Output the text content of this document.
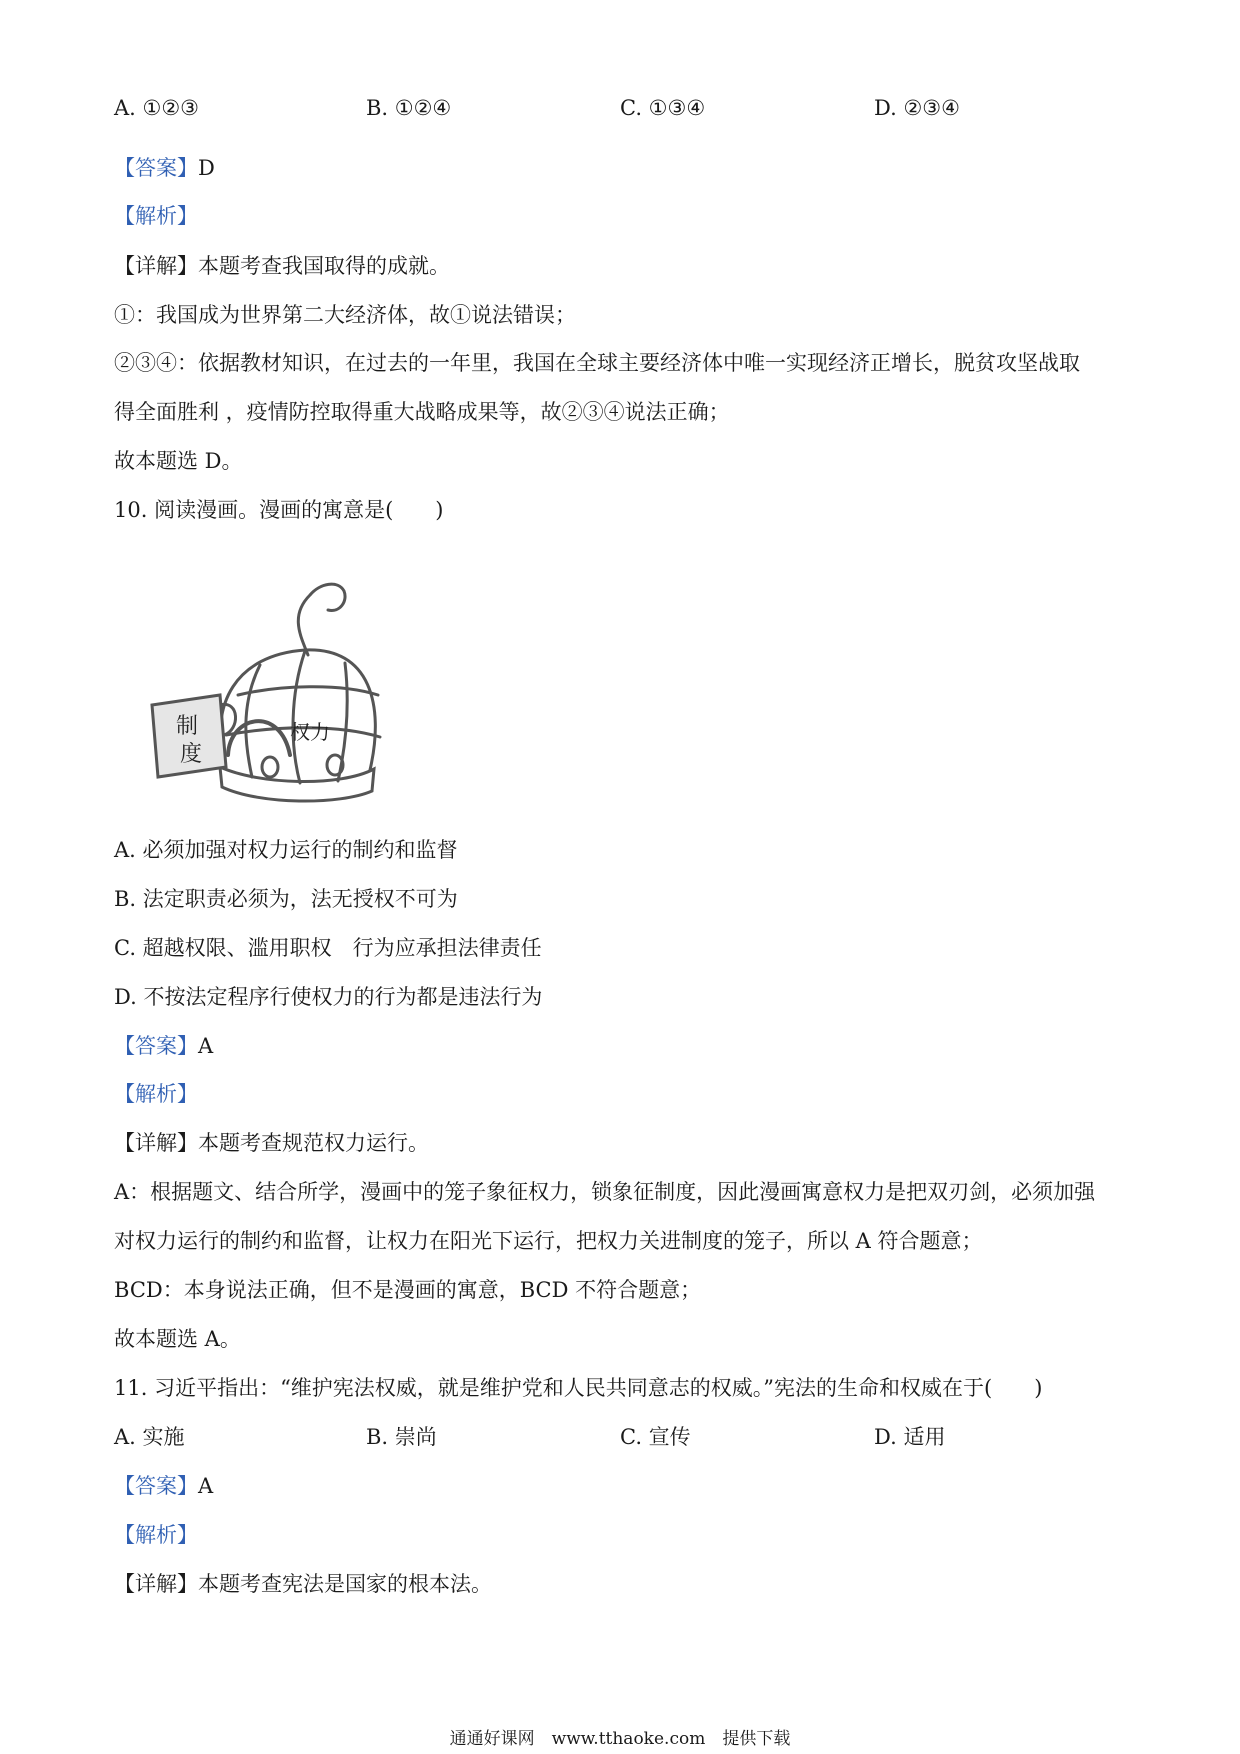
A. ①②③	B. ①②④	C. ①③④	D. ②③④
【答案】D
【解析】
【详解】本题考查我国取得的成就。
①：我国成为世界第二大经济体，故①说法错误；
②③④：依据教材知识，在过去的一年里，我国在全球主要经济体中唯一实现经济正增长，脱贫攻坚战取
得全面胜利 ，疫情防控取得重大战略成果等，故②③④说法正确；
故本题选 D。
10. 阅读漫画。漫画的寓意是(　　)
制
度
权力
A. 必须加强对权力运行的制约和监督
B. 法定职责必须为，法无授权不可为
C. 超越权限、滥用职权　行为应承担法律责任
D. 不按法定程序行使权力的行为都是违法行为
【答案】A
【解析】
【详解】本题考查规范权力运行。
A：根据题文、结合所学，漫画中的笼子象征权力，锁象征制度，因此漫画寓意权力是把双刃剑，必须加强
对权力运行的制约和监督，让权力在阳光下运行，把权力关进制度的笼子，所以 A 符合题意；
BCD：本身说法正确，但不是漫画的寓意，BCD 不符合题意；
故本题选 A。
11. 习近平指出：“维护宪法权威，就是维护党和人民共同意志的权威。”宪法的生命和权威在于(　　)
A. 实施	B. 崇尚	C. 宣传	D. 适用
【答案】A
【解析】
【详解】本题考查宪法是国家的根本法。
通通好课网　www.tthaoke.com　提供下载
